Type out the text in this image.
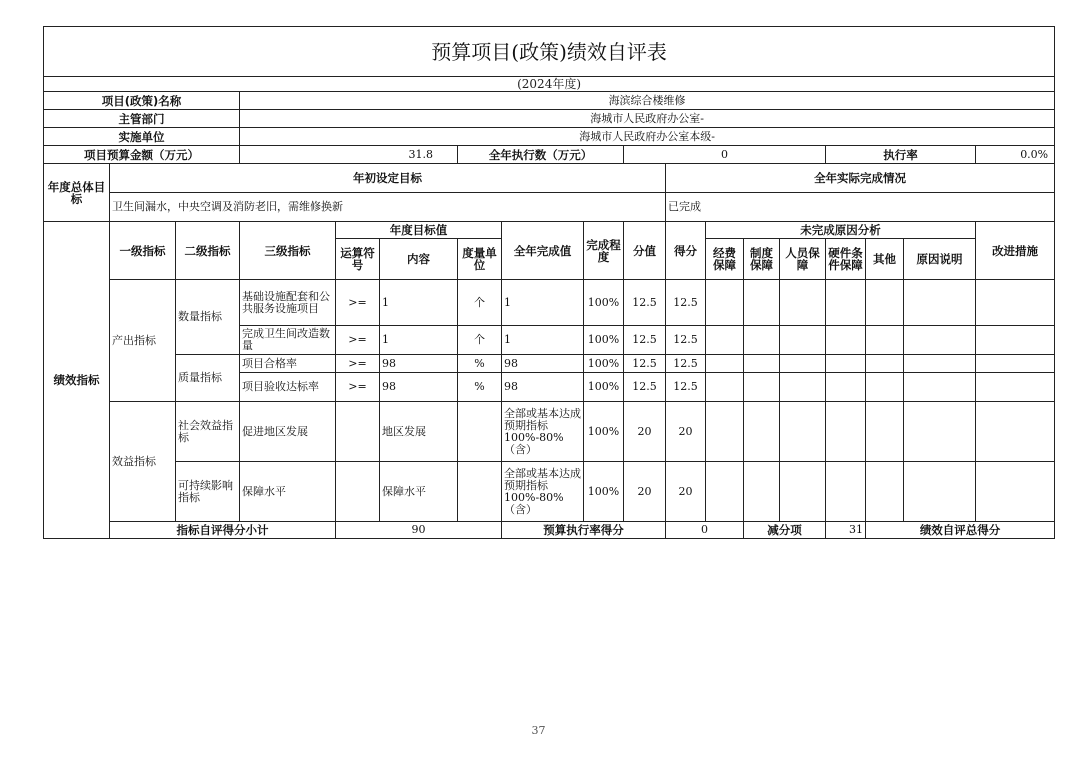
预算项目(政策)绩效自评表																		
(2024年度)																		
项目(政策)名称			海滨综合楼维修															
主管部门			海城市人民政府办公室-															
实施单位			海城市人民政府办公室本级-															
项目预算金额（万元）			31.8			全年执行数（万元）			0					执行率			0.0%	
年度总体目标	年初设定目标									全年实际完成情况								
	卫生间漏水，中央空调及消防老旧，需维修换新									已完成								
绩效指标	一级指标	二级指标	三级指标	年度目标值			全年完成值	完成程度	分值	得分	未完成原因分析						改进措施	
				运算符号	内容	度量单位					经费保障	制度保障	人员保障	硬件条件保障	其他	原因说明		
	产出指标	数量指标	基础设施配套和公共服务设施项目	>=	1	个	1	100%	12.5	12.5								
			完成卫生间改造数量	>=	1	个	1	100%	12.5	12.5								
		质量指标	项目合格率	>=	98	%	98	100%	12.5	12.5								
			项目验收达标率	>=	98	%	98	100%	12.5	12.5								
	效益指标	社会效益指标	促进地区发展		地区发展		全部或基本达成预期指标100%-80%（含）	100%	20	20								
		可持续影响指标	保障水平		保障水平		全部或基本达成预期指标100%-80%（含）	100%	20	20								
	指标自评得分小计			90			预算执行率得分			0		减分项		31	绩效自评总得分	
37
